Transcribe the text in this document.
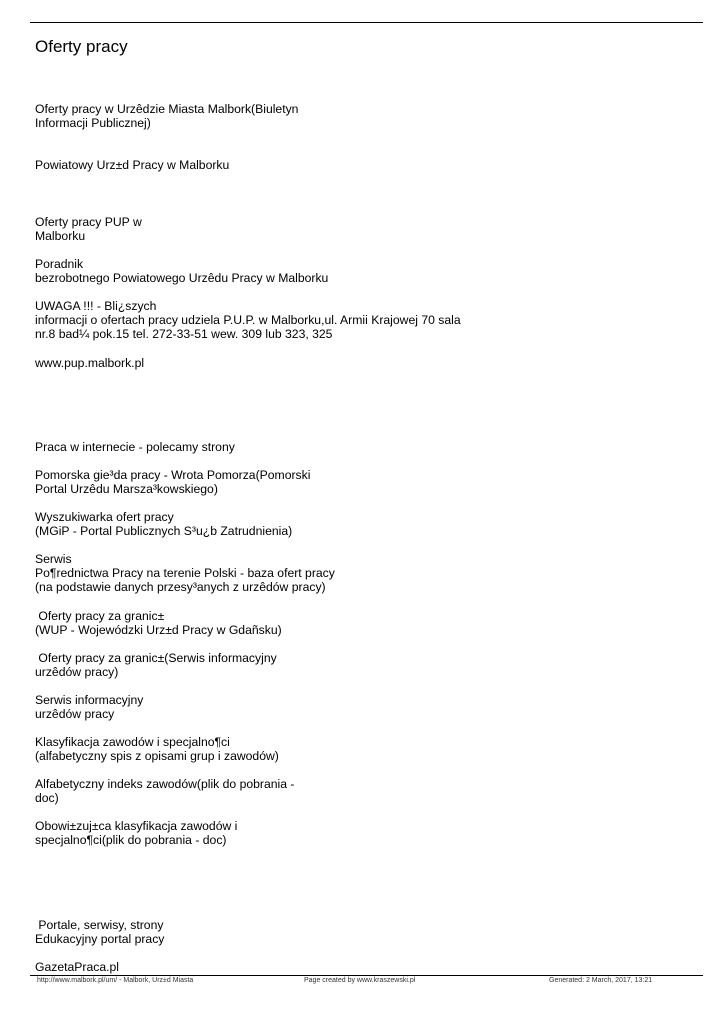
Oferty pracy
Oferty pracy w Urzêdzie Miasta Malbork(Biuletyn
Informacji Publicznej)
Powiatowy Urz±d Pracy w Malborku
Oferty pracy PUP w
Malborku
Poradnik
bezrobotnego Powiatowego Urzêdu Pracy w Malborku
UWAGA !!! - Bli¿szych
informacji o ofertach pracy udziela P.U.P. w Malborku,ul. Armii Krajowej 70 sala
nr.8 bad¼ pok.15 tel. 272-33-51 wew. 309 lub 323, 325
www.pup.malbork.pl
Praca w internecie - polecamy strony
Pomorska gie³da pracy - Wrota Pomorza(Pomorski
Portal Urzêdu Marsza³kowskiego)
Wyszukiwarka ofert pracy
(MGiP - Portal Publicznych S³u¿b Zatrudnienia)
Serwis
Po¶rednictwa Pracy na terenie Polski - baza ofert pracy
(na podstawie danych przesy³anych z urzêdów pracy)
Oferty pracy za granic±
(WUP - Wojewódzki Urz±d Pracy w Gdañsku)
Oferty pracy za granic±(Serwis informacyjny
urzêdów pracy)
Serwis informacyjny
urzêdów pracy
Klasyfikacja zawodów i specjalno¶ci
(alfabetyczny spis z opisami grup i zawodów)
Alfabetyczny indeks zawodów(plik do pobrania -
doc)
Obowi±zuj±ca klasyfikacja zawodów i
specjalno¶ci(plik do pobrania - doc)
Portale, serwisy, strony
Edukacyjny portal pracy
GazetaPraca.pl
http://www.malbork.pl/um/ - Malbork, Urz±d Miasta	Page created by www.kraszewski.pl	Generated: 2 March, 2017, 13:21
